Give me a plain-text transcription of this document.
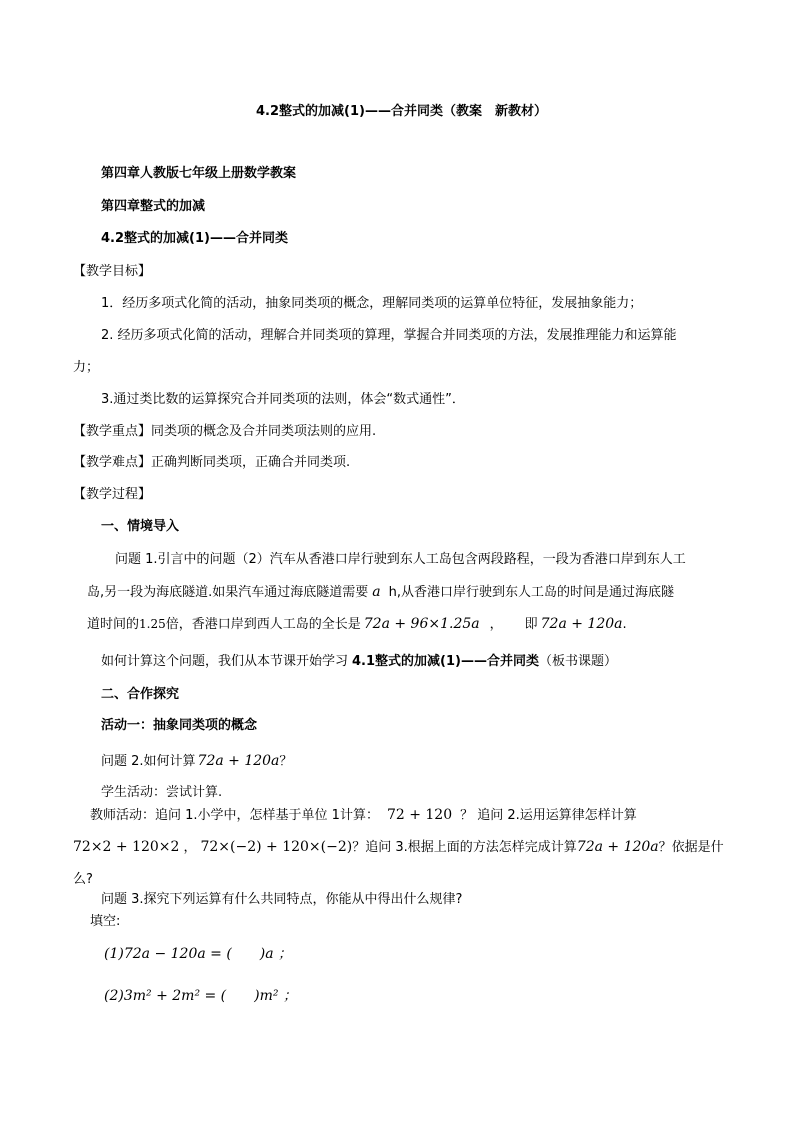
4.2整式的加减(1)——合并同类（教案　新教材）
第四章人教版七年级上册数学教案
第四章整式的加减
4.2整式的加减(1)——合并同类
【教学目标】
1．经历多项式化简的活动，抽象同类项的概念，理解同类项的运算单位特征，发展抽象能力；
2. 经历多项式化简的活动，理解合并同类项的算理，掌握合并同类项的方法，发展推理能力和运算能
力；
3.通过类比数的运算探究合并同类项的法则，体会“数式通性”．
【教学重点】同类项的概念及合并同类项法则的应用.
【教学难点】正确判断同类项，正确合并同类项.
【教学过程】
一、情境导入
问题 1.引言中的问题（2）汽车从香港口岸行驶到东人工岛包含两段路程，一段为香港口岸到东人工
岛,另一段为海底隧道.如果汽车通过海底隧道需要 a h,从香港口岸行驶到东人工岛的时间是通过海底隧
道时间的1.25倍，香港口岸到西人工岛的全长是 72a + 96×1.25a ， 即 72a + 120a.
如何计算这个问题，我们从本节课开始学习 4.1整式的加减(1)——合并同类（板书课题）
二、合作探究
活动一：抽象同类项的概念
问题 2.如何计算 72a + 120a？
学生活动：尝试计算.
教师活动：追问 1.小学中，怎样基于单位 1计算： 72 + 120 ？ 追问 2.运用运算律怎样计算
72×2 + 120×2 ， 72×(−2) + 120×(−2)？追问 3.根据上面的方法怎样完成计算72a + 120a？依据是什
么?
问题 3.探究下列运算有什么共同特点，你能从中得出什么规律?
填空:
(1)72a − 120a = (　　)a ；
(2)3m² + 2m² = (　　)m² ；
